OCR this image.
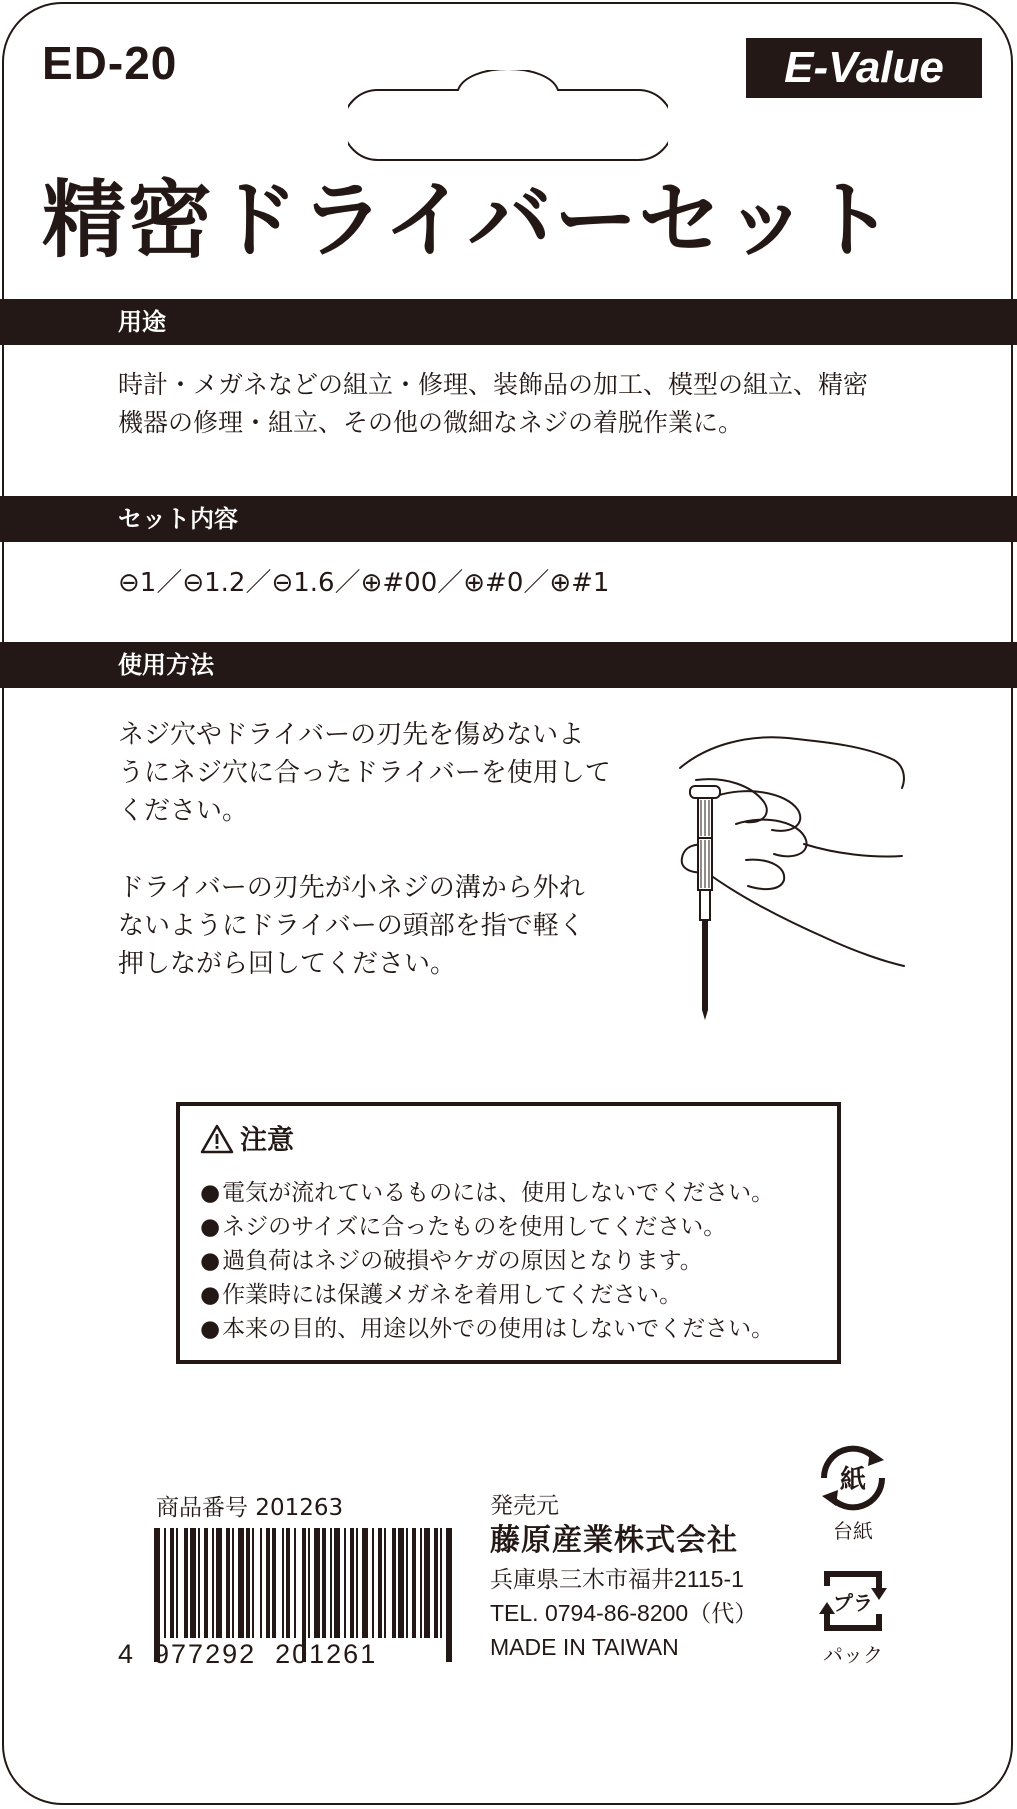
ED-20	E-Value
精密ドライバーセット
用途
時計・メガネなどの組立・修理、装飾品の加工、模型の組立、精密
機器の修理・組立、その他の微細なネジの着脱作業に。
セット内容
⊖1／⊖1.2／⊖1.6／⊕#00／⊕#0／⊕#1
使用方法
ネジ穴やドライバーの刃先を傷めないよ
うにネジ穴に合ったドライバーを使用して
ください。
ドライバーの刃先が小ネジの溝から外れ
ないようにドライバーの頭部を指で軽く
押しながら回してください。
注意
● 電気が流れているものには、使用しないでください。
● ネジのサイズに合ったものを使用してください。
● 過負荷はネジの破損やケガの原因となります。
● 作業時には保護メガネを着用してください。
● 本来の目的、用途以外での使用はしないでください。
商品番号 201263
4  977292  201261
発売元
藤原産業株式会社
兵庫県三木市福井2115-1
TEL. 0794-86-8200（代）
MADE IN TAIWAN
紙
台紙
プラ
パック
